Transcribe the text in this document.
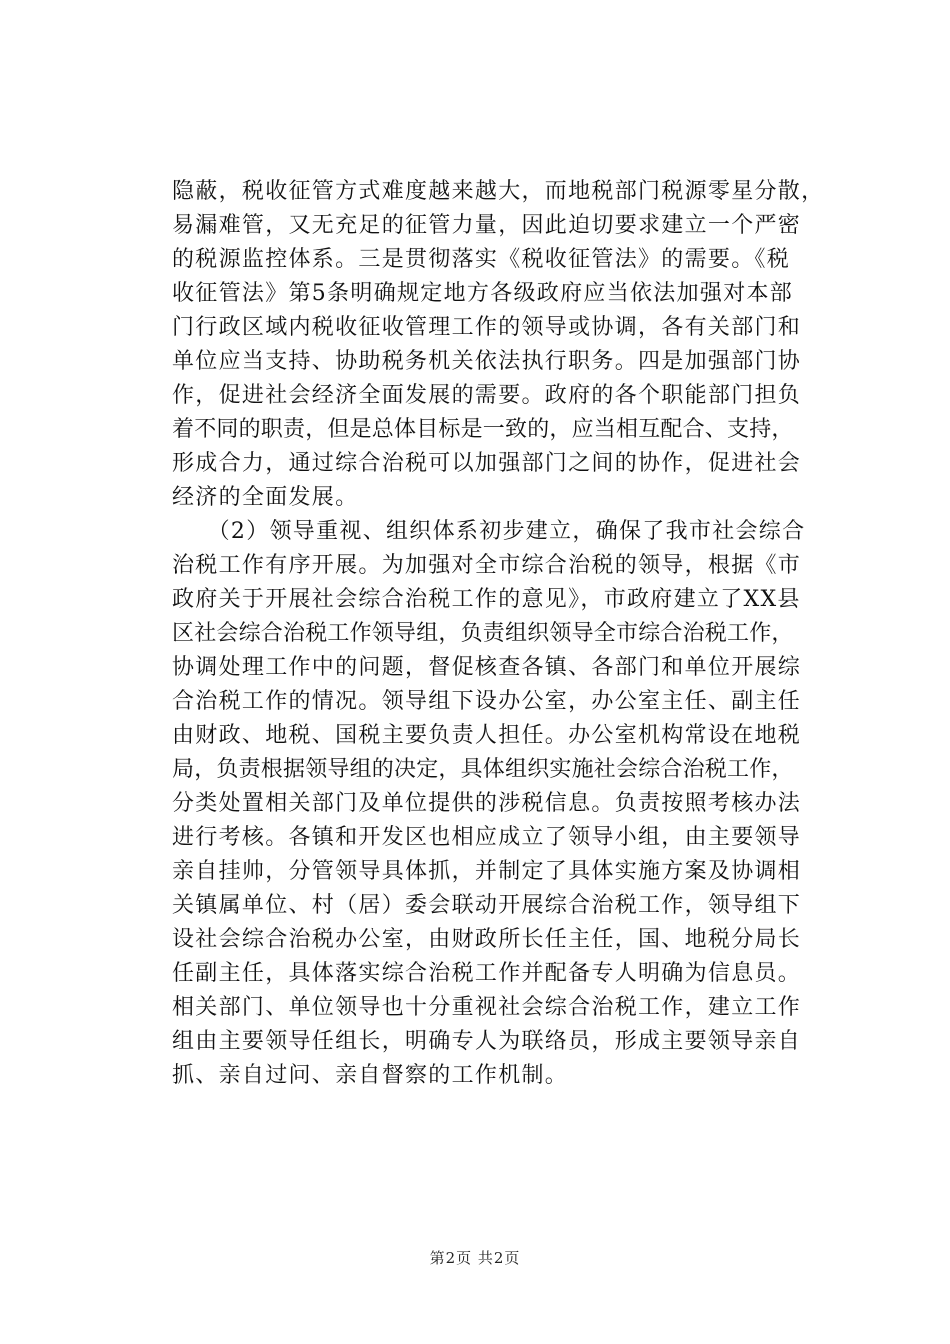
隐蔽，税收征管方式难度越来越大，而地税部门税源零星分散，
易漏难管，又无充足的征管力量，因此迫切要求建立一个严密
的税源监控体系。三是贯彻落实《税收征管法》的需要。《税
收征管法》第5条明确规定地方各级政府应当依法加强对本部
门行政区域内税收征收管理工作的领导或协调，各有关部门和
单位应当支持、协助税务机关依法执行职务。四是加强部门协
作，促进社会经济全面发展的需要。政府的各个职能部门担负
着不同的职责，但是总体目标是一致的，应当相互配合、支持，
形成合力，通过综合治税可以加强部门之间的协作，促进社会
经济的全面发展。
　　（2）领导重视、组织体系初步建立，确保了我市社会综合
治税工作有序开展。为加强对全市综合治税的领导，根据《市
政府关于开展社会综合治税工作的意见》，市政府建立了XX县
区社会综合治税工作领导组，负责组织领导全市综合治税工作，
协调处理工作中的问题，督促核查各镇、各部门和单位开展综
合治税工作的情况。领导组下设办公室，办公室主任、副主任
由财政、地税、国税主要负责人担任。办公室机构常设在地税
局，负责根据领导组的决定，具体组织实施社会综合治税工作，
分类处置相关部门及单位提供的涉税信息。负责按照考核办法
进行考核。各镇和开发区也相应成立了领导小组，由主要领导
亲自挂帅，分管领导具体抓，并制定了具体实施方案及协调相
关镇属单位、村（居）委会联动开展综合治税工作，领导组下
设社会综合治税办公室，由财政所长任主任，国、地税分局长
任副主任，具体落实综合治税工作并配备专人明确为信息员。
相关部门、单位领导也十分重视社会综合治税工作，建立工作
组由主要领导任组长，明确专人为联络员，形成主要领导亲自
抓、亲自过问、亲自督察的工作机制。
第2页 共2页
